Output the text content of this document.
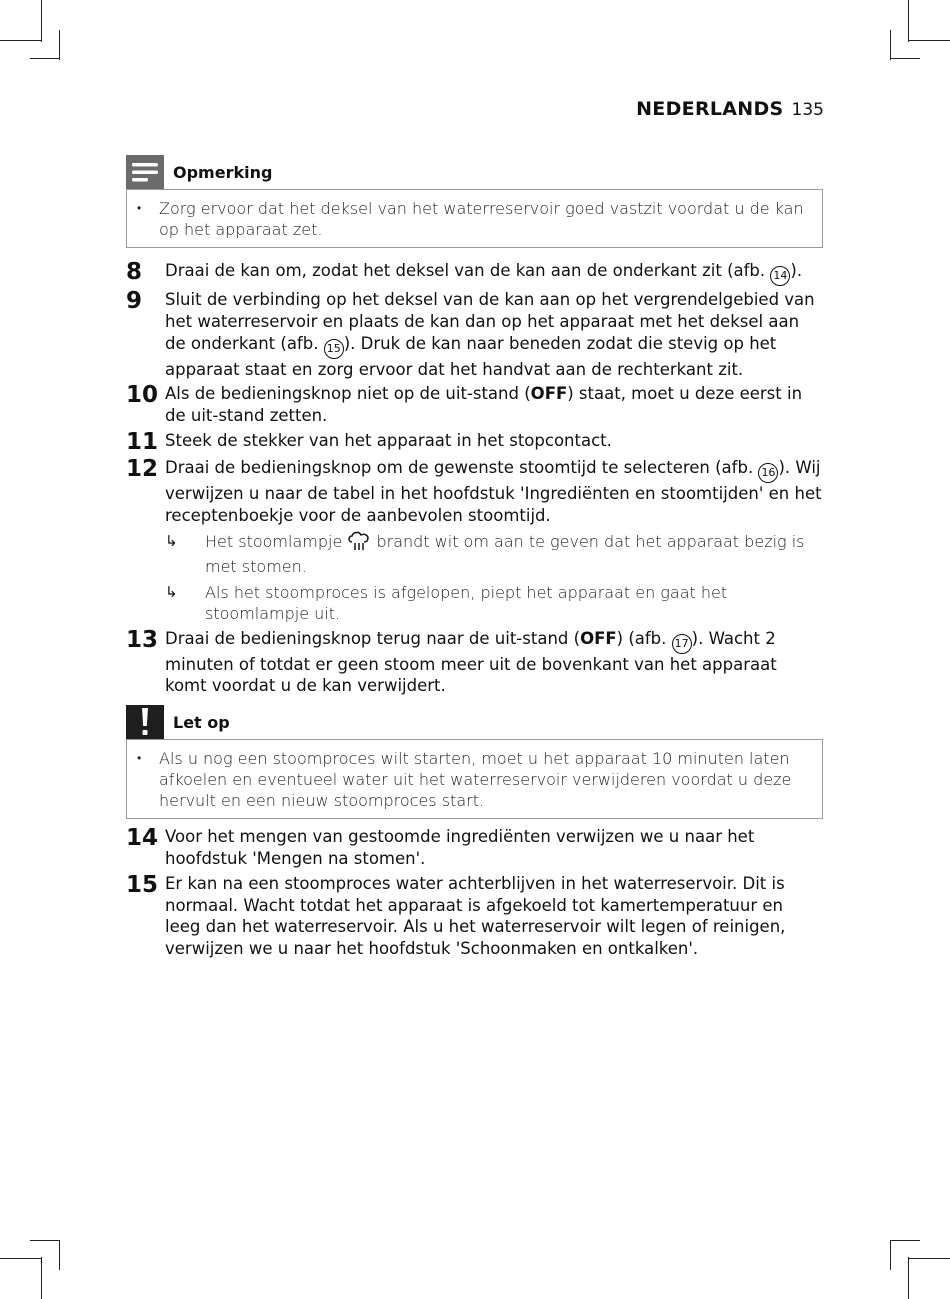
NEDERLANDS 135
Opmerking
•	Zorg ervoor dat het deksel van het waterreservoir goed vastzit voordat u de kan op het apparaat zet.
8	Draai de kan om, zodat het deksel van de kan aan de onderkant zit (afb. 14 ).
9	Sluit de verbinding op het deksel van de kan aan op het vergrendelgebied van het waterreservoir en plaats de kan dan op het apparaat met het deksel aan de onderkant (afb. 15 ). Druk de kan naar beneden zodat die stevig op het apparaat staat en zorg ervoor dat het handvat aan de rechterkant zit.
10 Als de bedieningsknop niet op de uit-stand (OFF) staat, moet u deze eerst in de uit-stand zetten.
11 Steek de stekker van het apparaat in het stopcontact.
12 Draai de bedieningsknop om de gewenste stoomtijd te selecteren (afb. 16 ). Wij verwijzen u naar de tabel in het hoofdstuk 'Ingrediënten en stoomtijden' en het receptenboekje voor de aanbevolen stoomtijd.
↳	Het stoomlampje  brandt wit om aan te geven dat het apparaat bezig is met stomen.
↳	Als het stoomproces is afgelopen, piept het apparaat en gaat het stoomlampje uit.
13 Draai de bedieningsknop terug naar de uit-stand (OFF) (afb. 17 ). Wacht 2 minuten of totdat er geen stoom meer uit de bovenkant van het apparaat komt voordat u de kan verwijdert.
Let op
•	Als u nog een stoomproces wilt starten, moet u het apparaat 10 minuten laten afkoelen en eventueel water uit het waterreservoir verwijderen voordat u deze hervult en een nieuw stoomproces start.
14 Voor het mengen van gestoomde ingrediënten verwijzen we u naar het hoofdstuk 'Mengen na stomen'.
15 Er kan na een stoomproces water achterblijven in het waterreservoir. Dit is normaal. Wacht totdat het apparaat is afgekoeld tot kamertemperatuur en leeg dan het waterreservoir. Als u het waterreservoir wilt legen of reinigen, verwijzen we u naar het hoofdstuk 'Schoonmaken en ontkalken'.
